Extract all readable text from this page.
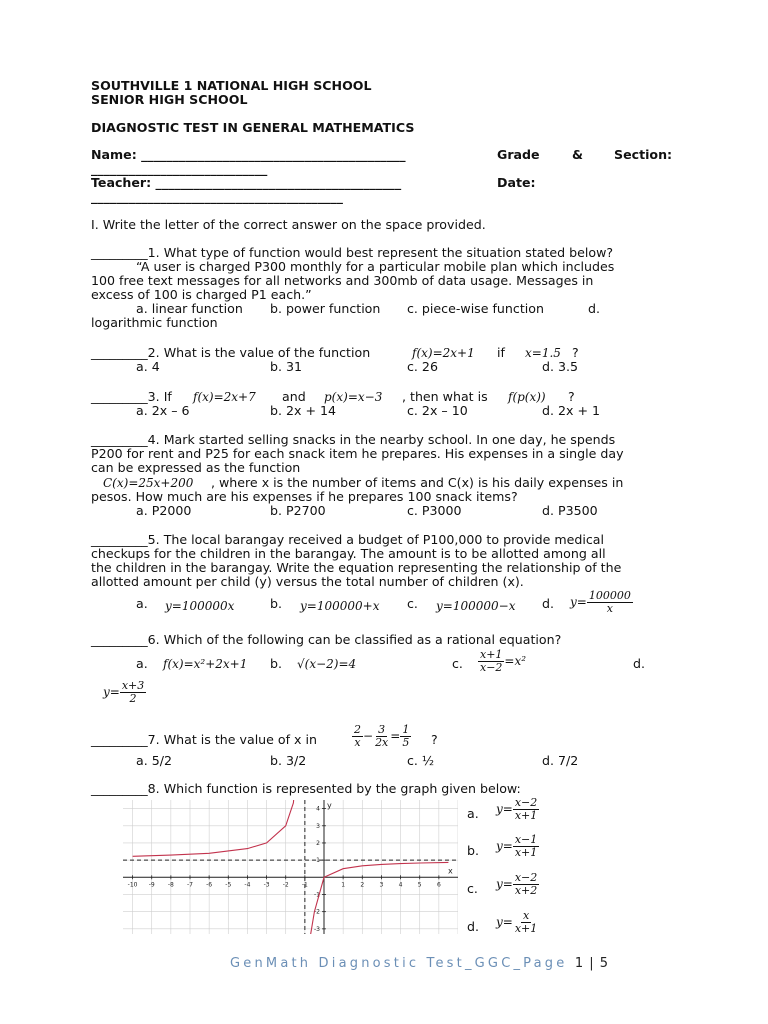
SOUTHVILLE 1 NATIONAL HIGH SCHOOL
SENIOR HIGH SCHOOL
DIAGNOSTIC TEST IN GENERAL MATHEMATICS
Name: __________________________________________	Grade	& Section:
____________________________
Teacher: _______________________________________	Date:
________________________________________
I. Write the letter of the correct answer on the space provided.
_________1. What type of function would best represent the situation stated below?
“A user is charged P300 monthly for a particular mobile plan which includes
100 free text messages for all networks and 300mb of data usage. Messages in
excess of 100 is charged P1 each.”
a. linear function b. power function c. piece-wise function	d.
logarithmic function
_________2. What is the value of the function	f(x)=2x+1 if x=1.5 ?
a. 4	b. 31	c. 26	d. 3.5
_________3. If f(x)=2x+7 and p(x)=x−3 , then what is f(p(x)) ?
a. 2x – 6	b. 2x + 14	c. 2x – 10	d. 2x + 1
_________4. Mark started selling snacks in the nearby school. In one day, he spends
P200 for rent and P25 for each snack item he prepares. His expenses in a single day
can be expressed as the function
C(x)=25x+200 , where x is the number of items and C(x) is his daily expenses in
pesos. How much are his expenses if he prepares 100 snack items?
a. P2000	b. P2700	c. P3000	d. P3500
_________5. The local barangay received a budget of P100,000 to provide medical
checkups for the children in the barangay. The amount is to be allotted among all
the children in the barangay. Write the equation representing the relationship of the
allotted amount per child (y) versus the total number of children (x).
a. y=100000x	b. y=100000+x c. y=100000−x d. $y= \frac{100000}{x}$
_________6. Which of the following can be classified as a rational equation?
a. f(x)=x²+2x+1 b. √(x−2)=4	c. $\frac{x+1}{x-2} =x^2$	d.
$y= \frac{x+3}{2}$
_________7. What is the value of x in	$\frac{2}{x} - \frac{3}{2x} = \frac{1}{5}$ ?
a. 5/2	b. 3/2	c. ½	d. 7/2
_________8. Which function is represented by the graph given below:
-10 -9 -8 -7 -6 -5 -4 -3 -2 -1	1	2	3	4	5	6
-3
-2
-1
1
2
3
4
x
y
a. $y= \frac{x-2}{x+1}$
b. $y= \frac{x-1}{x+1}$
c. $y= \frac{x-2}{x+2}$
d. $y= \frac{x}{x+1}$
GenMath Diagnostic Test_GGC_Page 1 | 5
